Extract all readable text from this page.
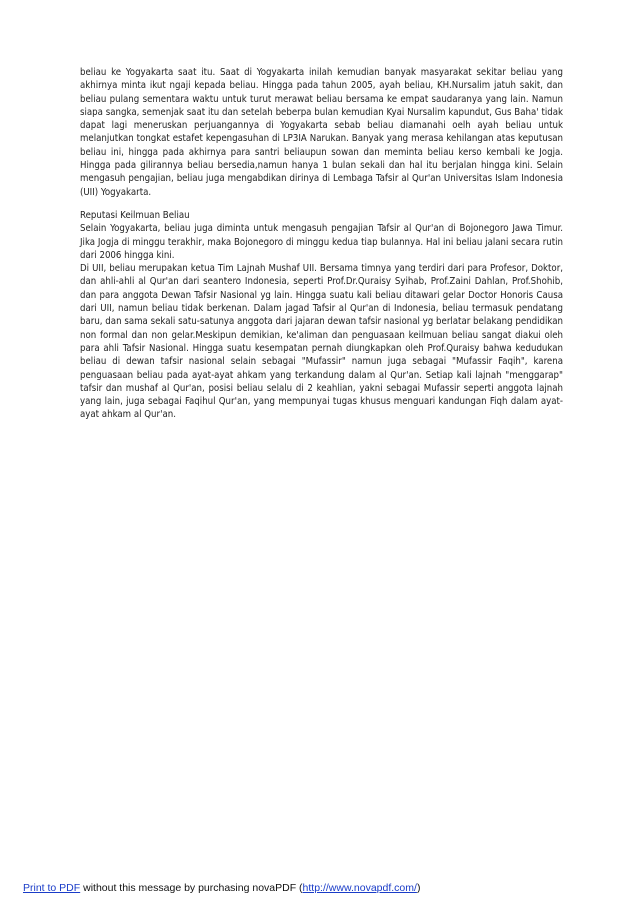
beliau ke Yogyakarta saat itu. Saat di Yogyakarta inilah kemudian banyak masyarakat sekitar beliau yang akhirnya minta ikut ngaji kepada beliau. Hingga pada tahun 2005, ayah beliau, KH.Nursalim jatuh sakit, dan beliau pulang sementara waktu untuk turut merawat beliau bersama ke empat saudaranya yang lain. Namun siapa sangka, semenjak saat itu dan setelah beberpa bulan kemudian Kyai Nursalim kapundut, Gus Baha' tidak dapat lagi meneruskan perjuangannya di Yogyakarta sebab beliau diamanahi oelh ayah beliau untuk melanjutkan tongkat estafet kepengasuhan di LP3IA Narukan. Banyak yang merasa kehilangan atas keputusan beliau ini, hingga pada akhirnya para santri beliaupun sowan dan meminta beliau kerso kembali ke Jogja. Hingga pada gilirannya beliau bersedia,namun hanya 1 bulan sekali dan hal itu berjalan hingga kini. Selain mengasuh pengajian, beliau juga mengabdikan dirinya di Lembaga Tafsir al Qur'an Universitas Islam Indonesia (UII) Yogyakarta.

Reputasi Keilmuan Beliau

Selain Yogyakarta, beliau juga diminta untuk mengasuh pengajian Tafsir al Qur'an di Bojonegoro Jawa Timur. Jika Jogja di minggu terakhir, maka Bojonegoro di minggu kedua tiap bulannya. Hal ini beliau jalani secara rutin dari 2006 hingga kini.

Di UII, beliau merupakan ketua Tim Lajnah Mushaf UII. Bersama timnya yang terdiri dari para Profesor, Doktor, dan ahli-ahli al Qur'an dari seantero Indonesia, seperti Prof.Dr.Quraisy Syihab, Prof.Zaini Dahlan, Prof.Shohib, dan para anggota Dewan Tafsir Nasional yg lain. Hingga suatu kali beliau ditawari gelar Doctor Honoris Causa dari UII, namun beliau tidak berkenan. Dalam jagad Tafsir al Qur'an di Indonesia, beliau termasuk pendatang baru, dan sama sekali satu-satunya anggota dari jajaran dewan tafsir nasional yg berlatar belakang pendidikan non formal dan non gelar.Meskipun demikian, ke'aliman dan penguasaan keilmuan beliau sangat diakui oleh para ahli Tafsir Nasional. Hingga suatu kesempatan pernah diungkapkan oleh Prof.Quraisy bahwa kedudukan beliau di dewan tafsir nasional selain sebagai "Mufassir" namun juga sebagai "Mufassir Faqih", karena penguasaan beliau pada ayat-ayat ahkam yang terkandung dalam al Qur'an. Setiap kali lajnah "menggarap" tafsir dan mushaf al Qur'an, posisi beliau selalu di 2 keahlian, yakni sebagai Mufassir seperti anggota lajnah yang lain, juga sebagai Faqihul Qur'an, yang mempunyai tugas khusus menguari kandungan Fiqh dalam ayat-ayat ahkam al Qur'an.

Print to PDF without this message by purchasing novaPDF (http://www.novapdf.com/)
